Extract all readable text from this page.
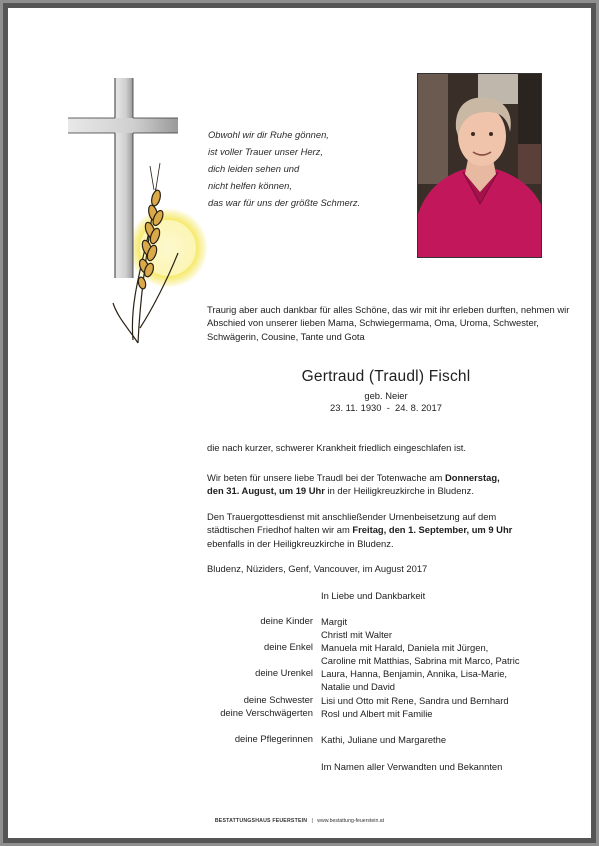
Obwohl wir dir Ruhe gönnen,
ist voller Trauer unser Herz,
dich leiden sehen und
nicht helfen können,
das war für uns der größte Schmerz.
Traurig aber auch dankbar für alles Schöne, das wir mit ihr erleben durften, nehmen wir Abschied von unserer lieben Mama, Schwiegermama, Oma, Uroma, Schwester, Schwägerin, Cousine, Tante und Gota
Gertraud (Traudl) Fischl
geb. Neier
23. 11. 1930  -  24. 8. 2017
die nach kurzer, schwerer Krankheit friedlich eingeschlafen ist.
Wir beten für unsere liebe Traudl bei der Totenwache am Donnerstag,
den 31. August, um 19 Uhr in der Heiligkreuzkirche in Bludenz.
Den Trauergottesdienst mit anschließender Urnenbeisetzung auf dem
städtischen Friedhof halten wir am Freitag, den 1. September, um 9 Uhr
ebenfalls in der Heiligkreuzkirche in Bludenz.
Bludenz, Nüziders, Genf, Vancouver, im August 2017
In Liebe und Dankbarkeit
deine Kinder Margit
Christl mit Walter
deine Enkel Manuela mit Harald, Daniela mit Jürgen,
Caroline mit Matthias, Sabrina mit Marco, Patric
deine Urenkel Laura, Hanna, Benjamin, Annika, Lisa-Marie,
Natalie und David
deine Schwester Lisi und Otto mit Rene, Sandra und Bernhard
deine Verschwägerten Rosl und Albert mit Familie
deine Pflegerinnen Kathi, Juliane und Margarethe
Im Namen aller Verwandten und Bekannten
BESTATTUNGSHAUS FEUERSTEIN | www.bestattung-feuerstein.at
